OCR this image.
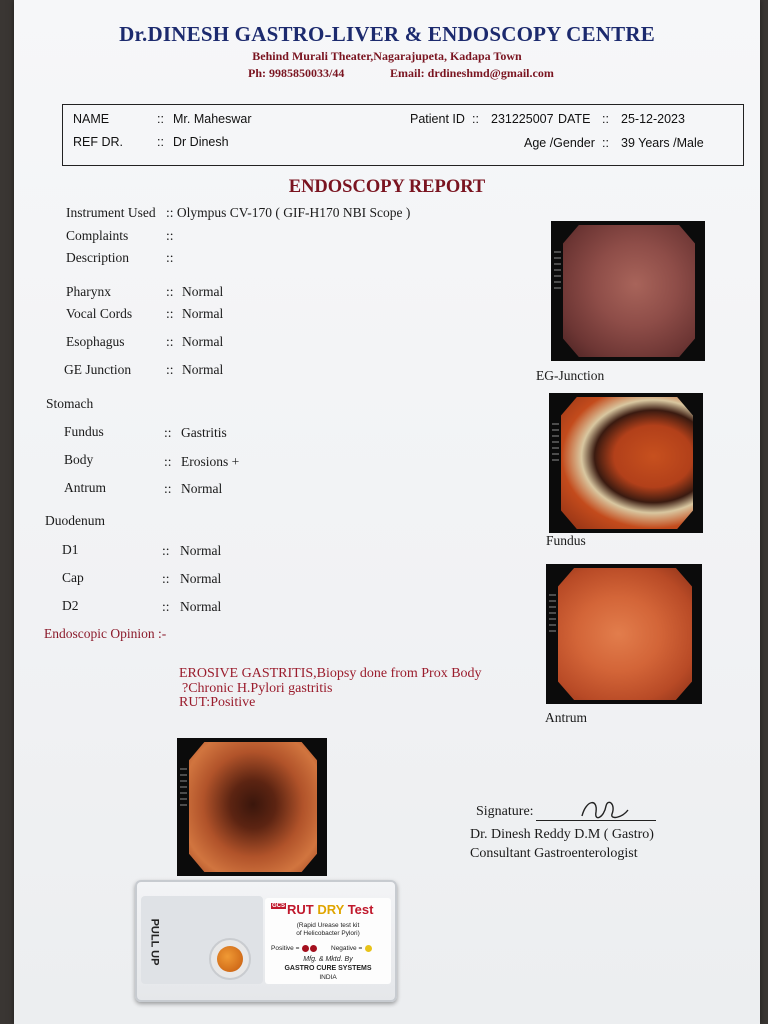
Dr.DINESH GASTRO-LIVER & ENDOSCOPY CENTRE
Behind Murali Theater,Nagarajupeta, Kadapa Town
Ph: 9985850033/44	Email: drdineshmd@gmail.com
NAME	:: Mr. Maheswar
REF DR.	:: Dr Dinesh
Patient ID :: 231225007 DATE :: 25-12-2023
Age /Gender :: 39 Years /Male
ENDOSCOPY REPORT
Instrument Used :: Olympus CV-170 ( GIF-H170 NBI Scope )
Complaints	::
Description	::
Pharynx	:: Normal
Vocal Cords	:: Normal
Esophagus	:: Normal
GE Junction	:: Normal
Stomach
Fundus	:: Gastritis
Body	:: Erosions +
Antrum	:: Normal
Duodenum
D1	:: Normal
Cap	:: Normal
D2	:: Normal
Endoscopic Opinion :-
EROSIVE GASTRITIS,Biopsy done from Prox Body
?Chronic H.Pylori gastritis
RUT:Positive
EG-Junction
Fundus
Antrum
Signature:
Dr. Dinesh Reddy D.M ( Gastro)
Consultant Gastroenterologist
PULL UP
GCS RUT DRY Test
(Rapid Urease test kit
of Helicobacter Pylori)
Positive =	Negative =
Mfg. & Mktd. By
GASTRO CURE SYSTEMS
INDIA
